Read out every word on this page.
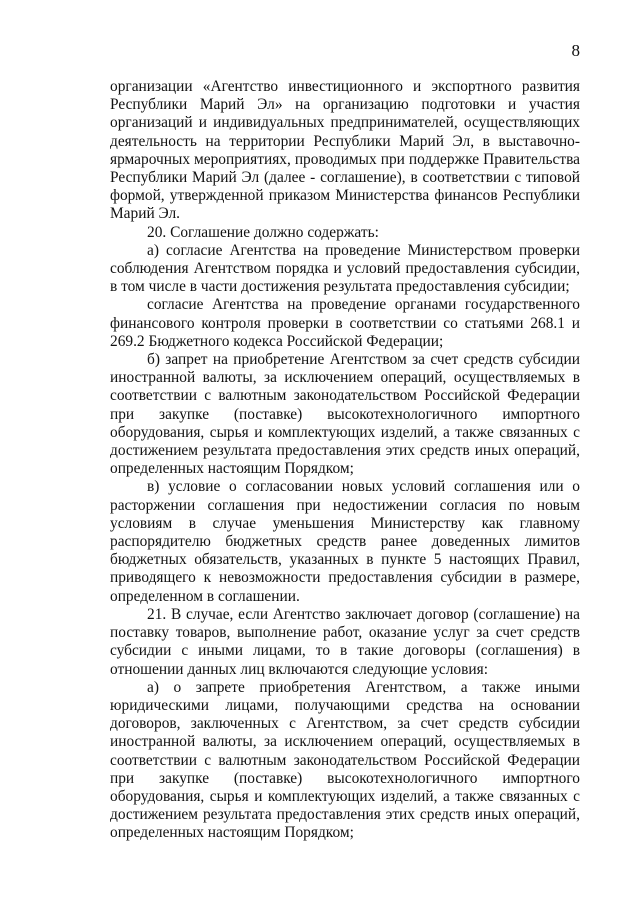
8

организации «Агентство инвестиционного и экспортного развития Республики Марий Эл» на организацию подготовки и участия организаций и индивидуальных предпринимателей, осуществляющих деятельность на территории Республики Марий Эл, в выставочно-ярмарочных мероприятиях, проводимых при поддержке Правительства Республики Марий Эл (далее - соглашение), в соответствии с типовой формой, утвержденной приказом Министерства финансов Республики Марий Эл.

20. Соглашение должно содержать:

а) согласие Агентства на проведение Министерством проверки соблюдения Агентством порядка и условий предоставления субсидии, в том числе в части достижения результата предоставления субсидии;

согласие Агентства на проведение органами государственного финансового контроля проверки в соответствии со статьями 268.1 и 269.2 Бюджетного кодекса Российской Федерации;

б) запрет на приобретение Агентством за счет средств субсидии иностранной валюты, за исключением операций, осуществляемых в соответствии с валютным законодательством Российской Федерации при закупке (поставке) высокотехнологичного импортного оборудования, сырья и комплектующих изделий, а также связанных с достижением результата предоставления этих средств иных операций, определенных настоящим Порядком;

в) условие о согласовании новых условий соглашения или о расторжении соглашения при недостижении согласия по новым условиям в случае уменьшения Министерству как главному распорядителю бюджетных средств ранее доведенных лимитов бюджетных обязательств, указанных в пункте 5 настоящих Правил, приводящего к невозможности предоставления субсидии в размере, определенном в соглашении.

21. В случае, если Агентство заключает договор (соглашение) на поставку товаров, выполнение работ, оказание услуг за счет средств субсидии с иными лицами, то в такие договоры (соглашения) в отношении данных лиц включаются следующие условия:

а) о запрете приобретения Агентством, а также иными юридическими лицами, получающими средства на основании договоров, заключенных с Агентством, за счет средств субсидии иностранной валюты, за исключением операций, осуществляемых в соответствии с валютным законодательством Российской Федерации при закупке (поставке) высокотехнологичного импортного оборудования, сырья и комплектующих изделий, а также связанных с достижением результата предоставления этих средств иных операций, определенных настоящим Порядком;
